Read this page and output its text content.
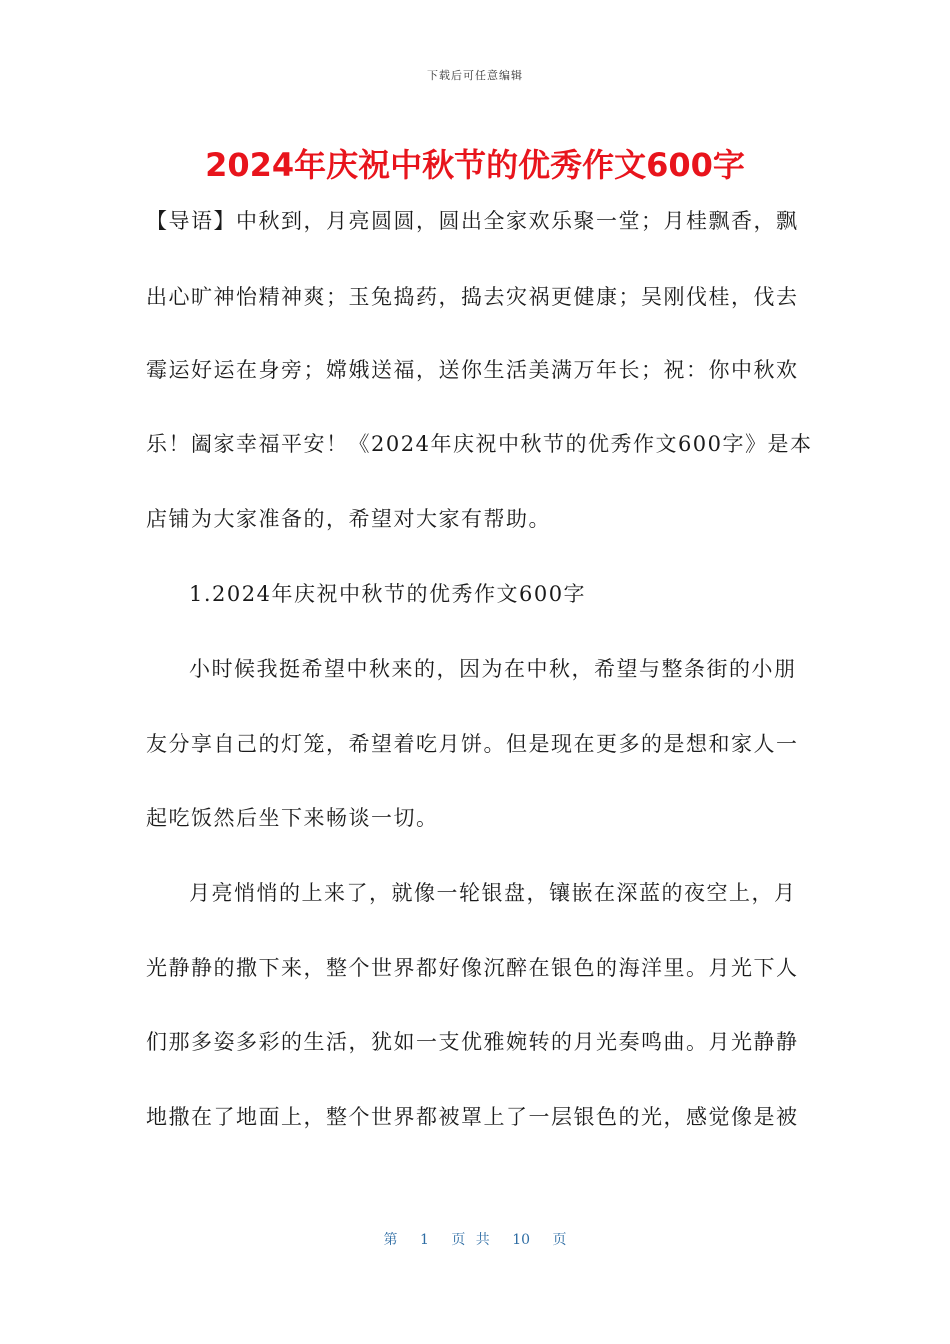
下载后可任意编辑
2024年庆祝中秋节的优秀作文600字

【导语】中秋到，月亮圆圆，圆出全家欢乐聚一堂；月桂飘香，飘

出心旷神怡精神爽；玉兔捣药，捣去灾祸更健康；吴刚伐桂，伐去

霉运好运在身旁；嫦娥送福，送你生活美满万年长；祝：你中秋欢

乐！阖家幸福平安！《2024年庆祝中秋节的优秀作文600字》是本

店铺为大家准备的，希望对大家有帮助。

1.2024年庆祝中秋节的优秀作文600字

小时候我挺希望中秋来的，因为在中秋，希望与整条街的小朋

友分享自己的灯笼，希望着吃月饼。但是现在更多的是想和家人一

起吃饭然后坐下来畅谈一切。

月亮悄悄的上来了，就像一轮银盘，镶嵌在深蓝的夜空上，月

光静静的撒下来，整个世界都好像沉醉在银色的海洋里。月光下人

们那多姿多彩的生活，犹如一支优雅婉转的月光奏鸣曲。月光静静

地撒在了地面上，整个世界都被罩上了一层银色的光，感觉像是被

第 1 页 共 10 页
